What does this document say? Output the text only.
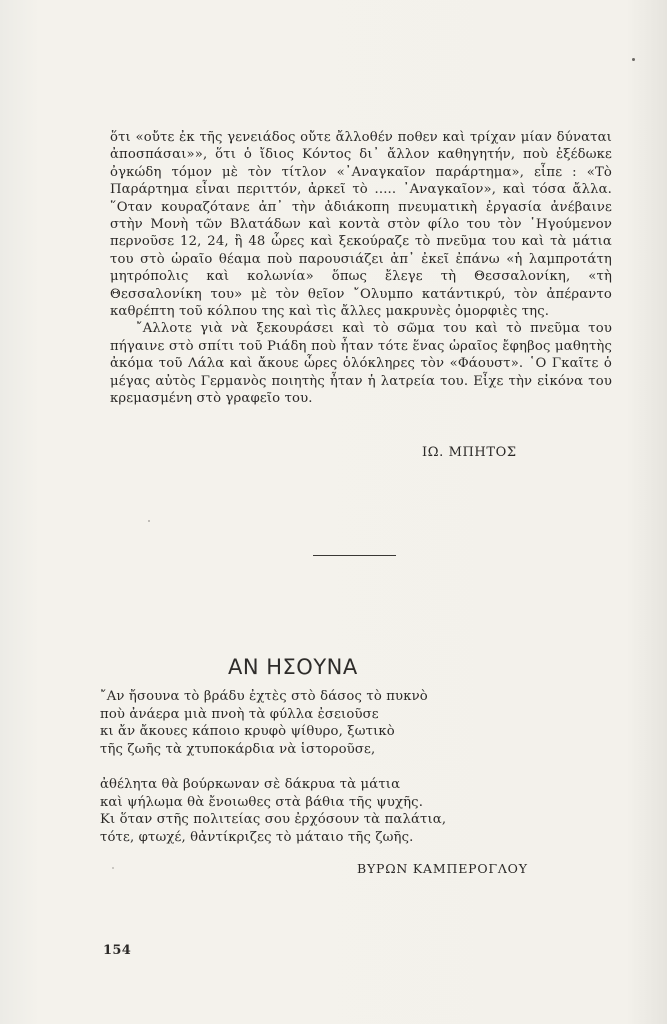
ὅτι «οὔτε ἐκ τῆς γενειάδος οὔτε ἄλλοθέν ποθεν καὶ τρίχαν μίαν δύναται ἀποσπάσαι»», ὅτι ὁ ἴδιος Κόντος δι᾽ ἄλλον καθηγητήν, ποὺ ἐξέδωκε ὀγκώδη τόμον μὲ τὸν τίτλον «᾽Αναγκαῖον παράρτημα», εἶπε : «Τὸ Παράρτημα εἶναι περιττόν, ἀρκεῖ τὸ ..... ᾽Αναγκαῖον», καὶ τόσα ἄλλα. ῞Οταν κουραζότανε ἀπ᾽ τὴν ἀδιάκοπη πνευματικὴ ἐργασία ἀνέβαινε στὴν Μονὴ τῶν Βλατάδων καὶ κοντὰ στὸν φίλο του τὸν ῾Ηγούμενον περνοῦσε 12, 24, ἢ 48 ὧρες καὶ ξεκούραζε τὸ πνεῦμα του καὶ τὰ μάτια του στὸ ὡραῖο θέαμα ποὺ παρουσιάζει ἀπ᾽ ἐκεῖ ἐπάνω «ἡ λαμπροτάτη μητρόπολις καὶ κολωνία» ὅπως ἔλεγε τὴ Θεσσαλονίκη, «τὴ Θεσσαλονίκη του» μὲ τὸν θεῖον ῎Ολυμπο κατάντικρύ, τὸν ἀπέραντο καθρέπτη τοῦ κόλπου της καὶ τὶς ἄλλες μακρυνὲς ὀμορφιὲς της.

῎Αλλοτε γιὰ νὰ ξεκουράσει καὶ τὸ σῶμα του καὶ τὸ πνεῦμα του πήγαινε στὸ σπίτι τοῦ Ριάδη ποὺ ἦταν τότε ἕνας ὡραῖος ἔφηβος μαθητὴς ἀκόμα τοῦ Λάλα καὶ ἄκουε ὧρες ὁλόκληρες τὸν «Φάουστ». ῾Ο Γκαῖτε ὁ μέγας αὐτὸς Γερμανὸς ποιητὴς ἦταν ἡ λατρεία του. Εἶχε τὴν εἰκόνα του κρεμασμένη στὸ γραφεῖο του.

ΙΩ. ΜΠΗΤΟΣ
ΑΝ ΗΣΟΥΝΑ
῎Αν ἤσουνα τὸ βράδυ ἐχτὲς στὸ δάσος τὸ πυκνὸ
ποὺ ἀνάερα μιὰ πνοὴ τὰ φύλλα ἐσειοῦσε
κι ἄν ἄκουες κάποιο κρυφὸ ψίθυρο, ξωτικὸ
τῆς ζωῆς τὰ χτυποκάρδια νὰ ἱστοροῦσε,
ἀθέλητα θὰ βούρκωναν σὲ δάκρυα τὰ μάτια
καὶ ψήλωμα θὰ ἔνοιωθες στὰ βάθια τῆς ψυχῆς.
Κι ὅταν στῆς πολιτείας σου ἐρχόσουν τὰ παλάτια,
τότε, φτωχέ, θἀντίκριζες τὸ μάταιο τῆς ζωῆς.
ΒΥΡΩΝ ΚΑΜΠΕΡΟΓΛΟΥ
154
